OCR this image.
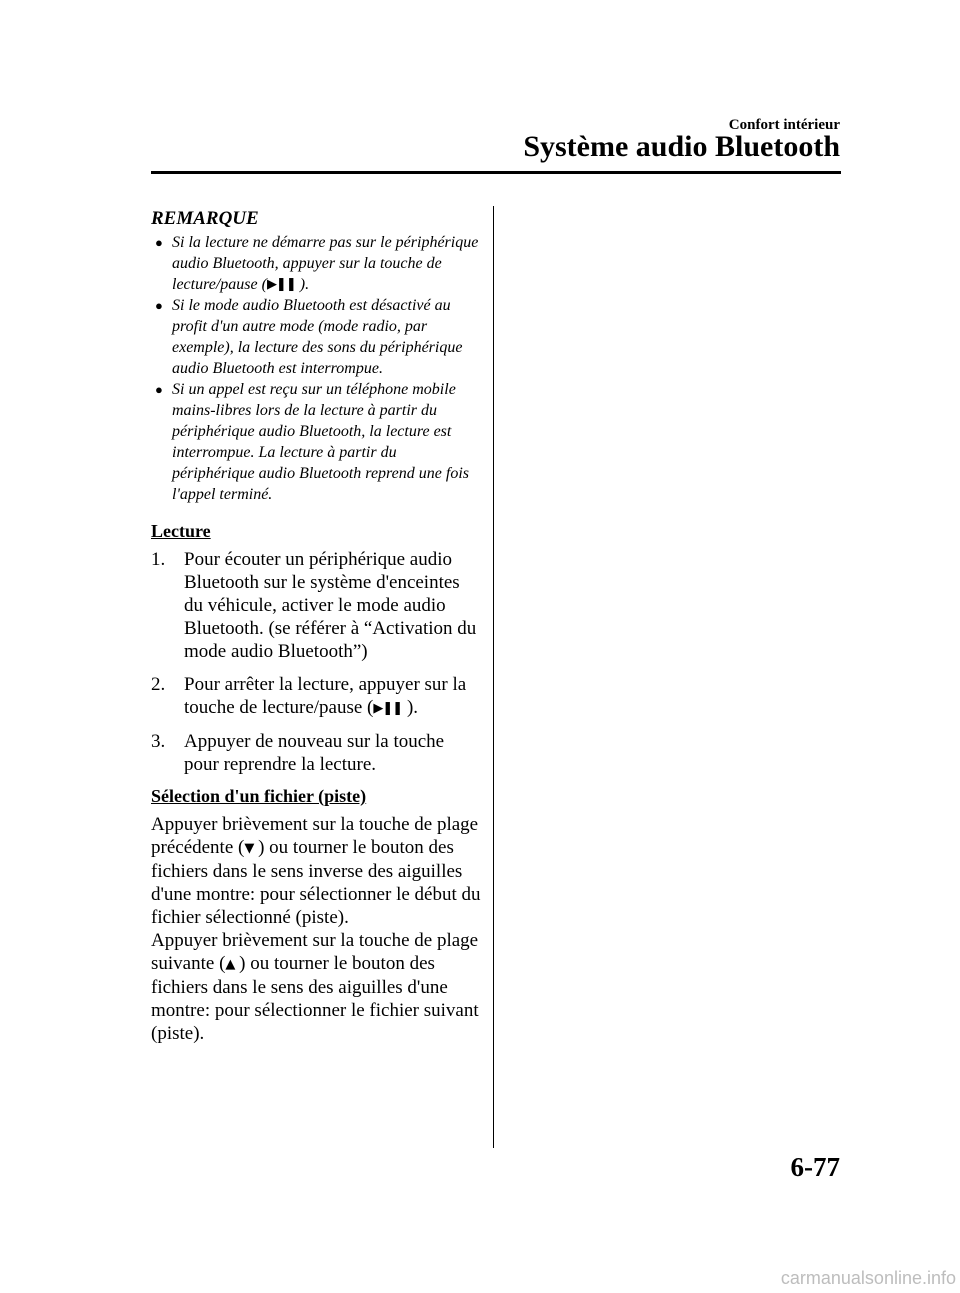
Confort intérieur
Système audio Bluetooth
REMARQUE
● Si la lecture ne démarre pas sur le périphérique audio Bluetooth, appuyer sur la touche de lecture/pause (▶❚❚ ).
● Si le mode audio Bluetooth est désactivé au profit d'un autre mode (mode radio, par exemple), la lecture des sons du périphérique audio Bluetooth est interrompue.
● Si un appel est reçu sur un téléphone mobile mains-libres lors de la lecture à partir du périphérique audio Bluetooth, la lecture est interrompue. La lecture à partir du périphérique audio Bluetooth reprend une fois l'appel terminé.
Lecture
1. Pour écouter un périphérique audio Bluetooth sur le système d'enceintes du véhicule, activer le mode audio Bluetooth. (se référer à “Activation du mode audio Bluetooth”)
2. Pour arrêter la lecture, appuyer sur la touche de lecture/pause (▶❚❚ ).
3. Appuyer de nouveau sur la touche pour reprendre la lecture.
Sélection d'un fichier (piste)

Appuyer brièvement sur la touche de plage précédente (▼ ) ou tourner le bouton des fichiers dans le sens inverse des aiguilles d'une montre: pour sélectionner le début du fichier sélectionné (piste).

Appuyer brièvement sur la touche de plage suivante (▲ ) ou tourner le bouton des fichiers dans le sens des aiguilles d'une montre: pour sélectionner le fichier suivant (piste).

6-77
carmanualsonline.info
